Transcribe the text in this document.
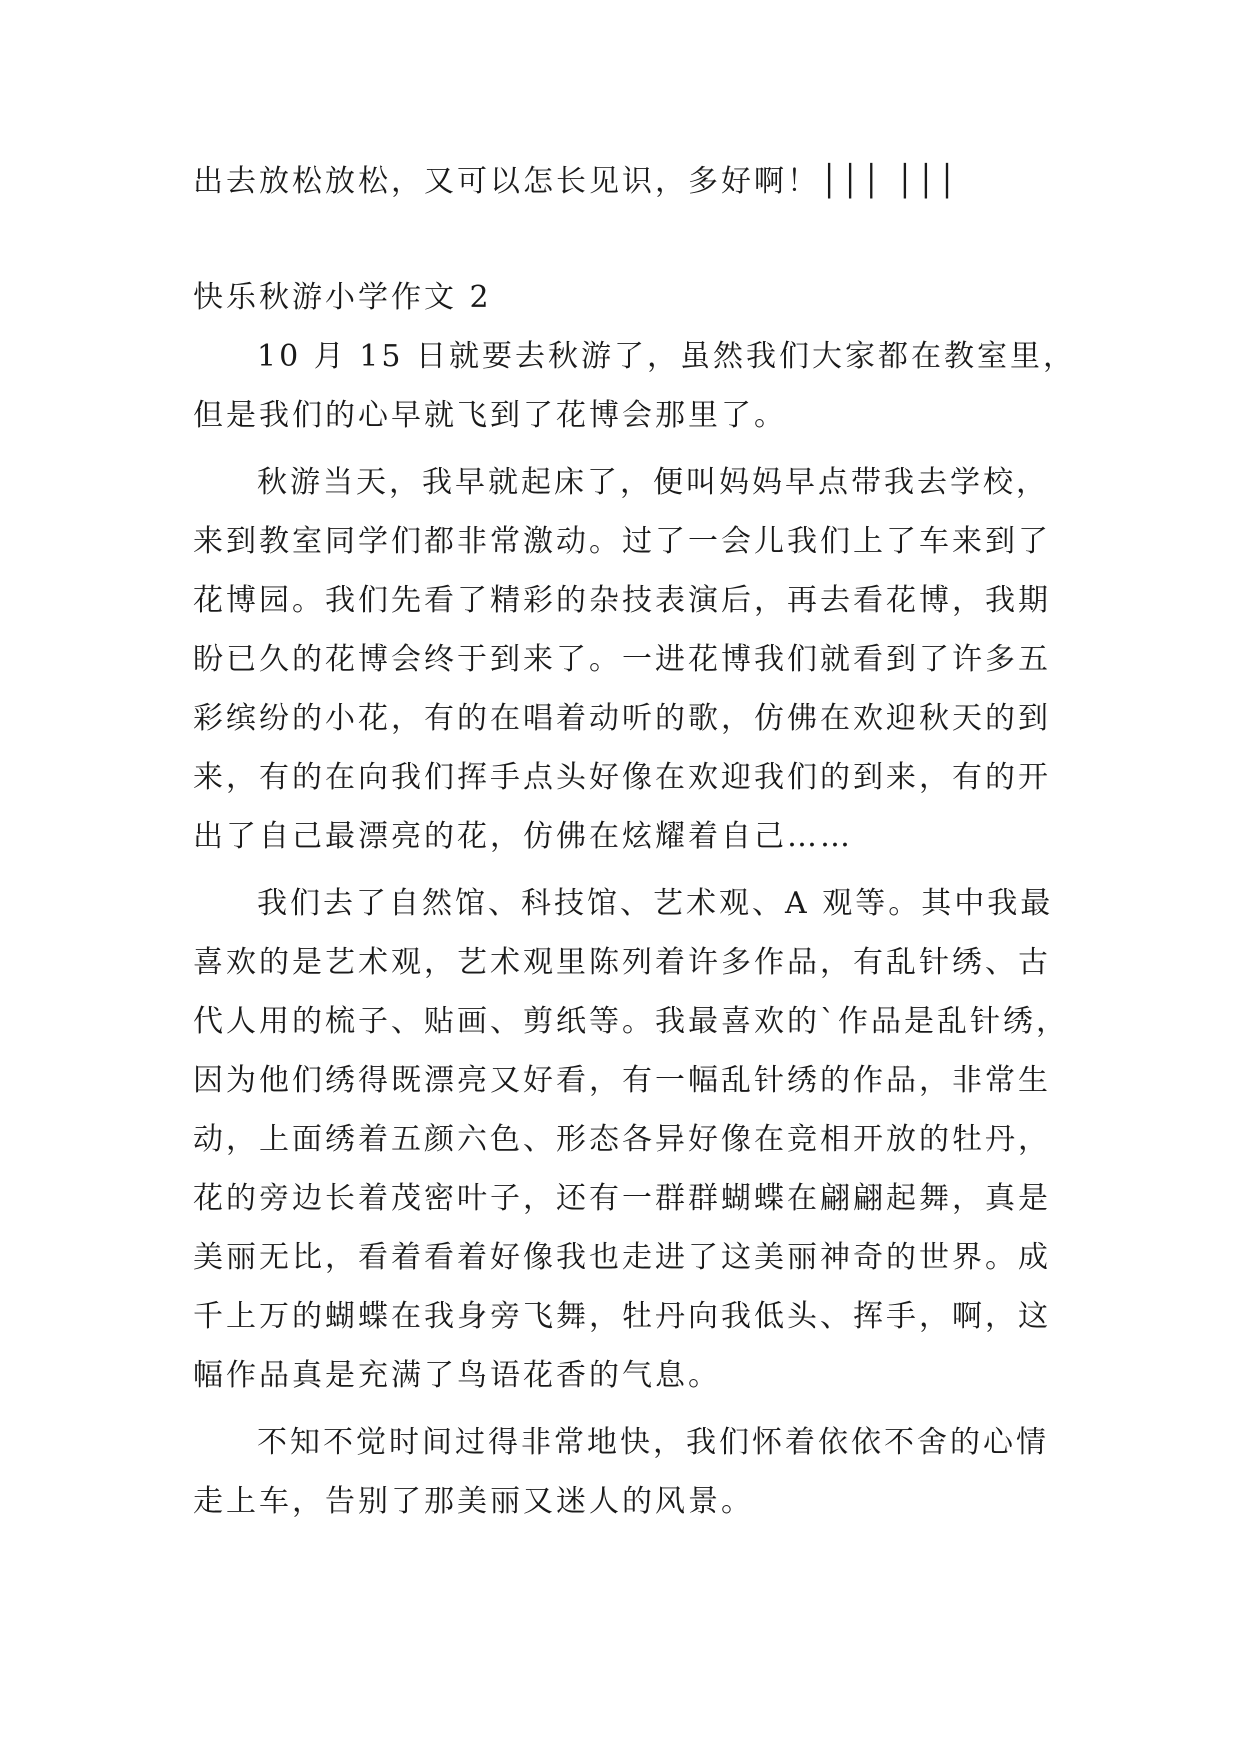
出去放松放松，又可以怎长见识，多好啊！│││ │││

快乐秋游小学作文 2

10 月 15 日就要去秋游了，虽然我们大家都在教室里，

但是我们的心早就飞到了花博会那里了。

秋游当天，我早就起床了，便叫妈妈早点带我去学校，

来到教室同学们都非常激动。过了一会儿我们上了车来到了

花博园。我们先看了精彩的杂技表演后，再去看花博，我期

盼已久的花博会终于到来了。一进花博我们就看到了许多五

彩缤纷的小花，有的在唱着动听的歌，仿佛在欢迎秋天的到

来，有的在向我们挥手点头好像在欢迎我们的到来，有的开

出了自己最漂亮的花，仿佛在炫耀着自己……

我们去了自然馆、科技馆、艺术观、A 观等。其中我最

喜欢的是艺术观，艺术观里陈列着许多作品，有乱针绣、古

代人用的梳子、贴画、剪纸等。我最喜欢的`作品是乱针绣，

因为他们绣得既漂亮又好看，有一幅乱针绣的作品，非常生

动，上面绣着五颜六色、形态各异好像在竞相开放的牡丹，

花的旁边长着茂密叶子，还有一群群蝴蝶在翩翩起舞，真是

美丽无比，看着看着好像我也走进了这美丽神奇的世界。成

千上万的蝴蝶在我身旁飞舞，牡丹向我低头、挥手，啊，这

幅作品真是充满了鸟语花香的气息。

不知不觉时间过得非常地快，我们怀着依依不舍的心情

走上车，告别了那美丽又迷人的风景。
